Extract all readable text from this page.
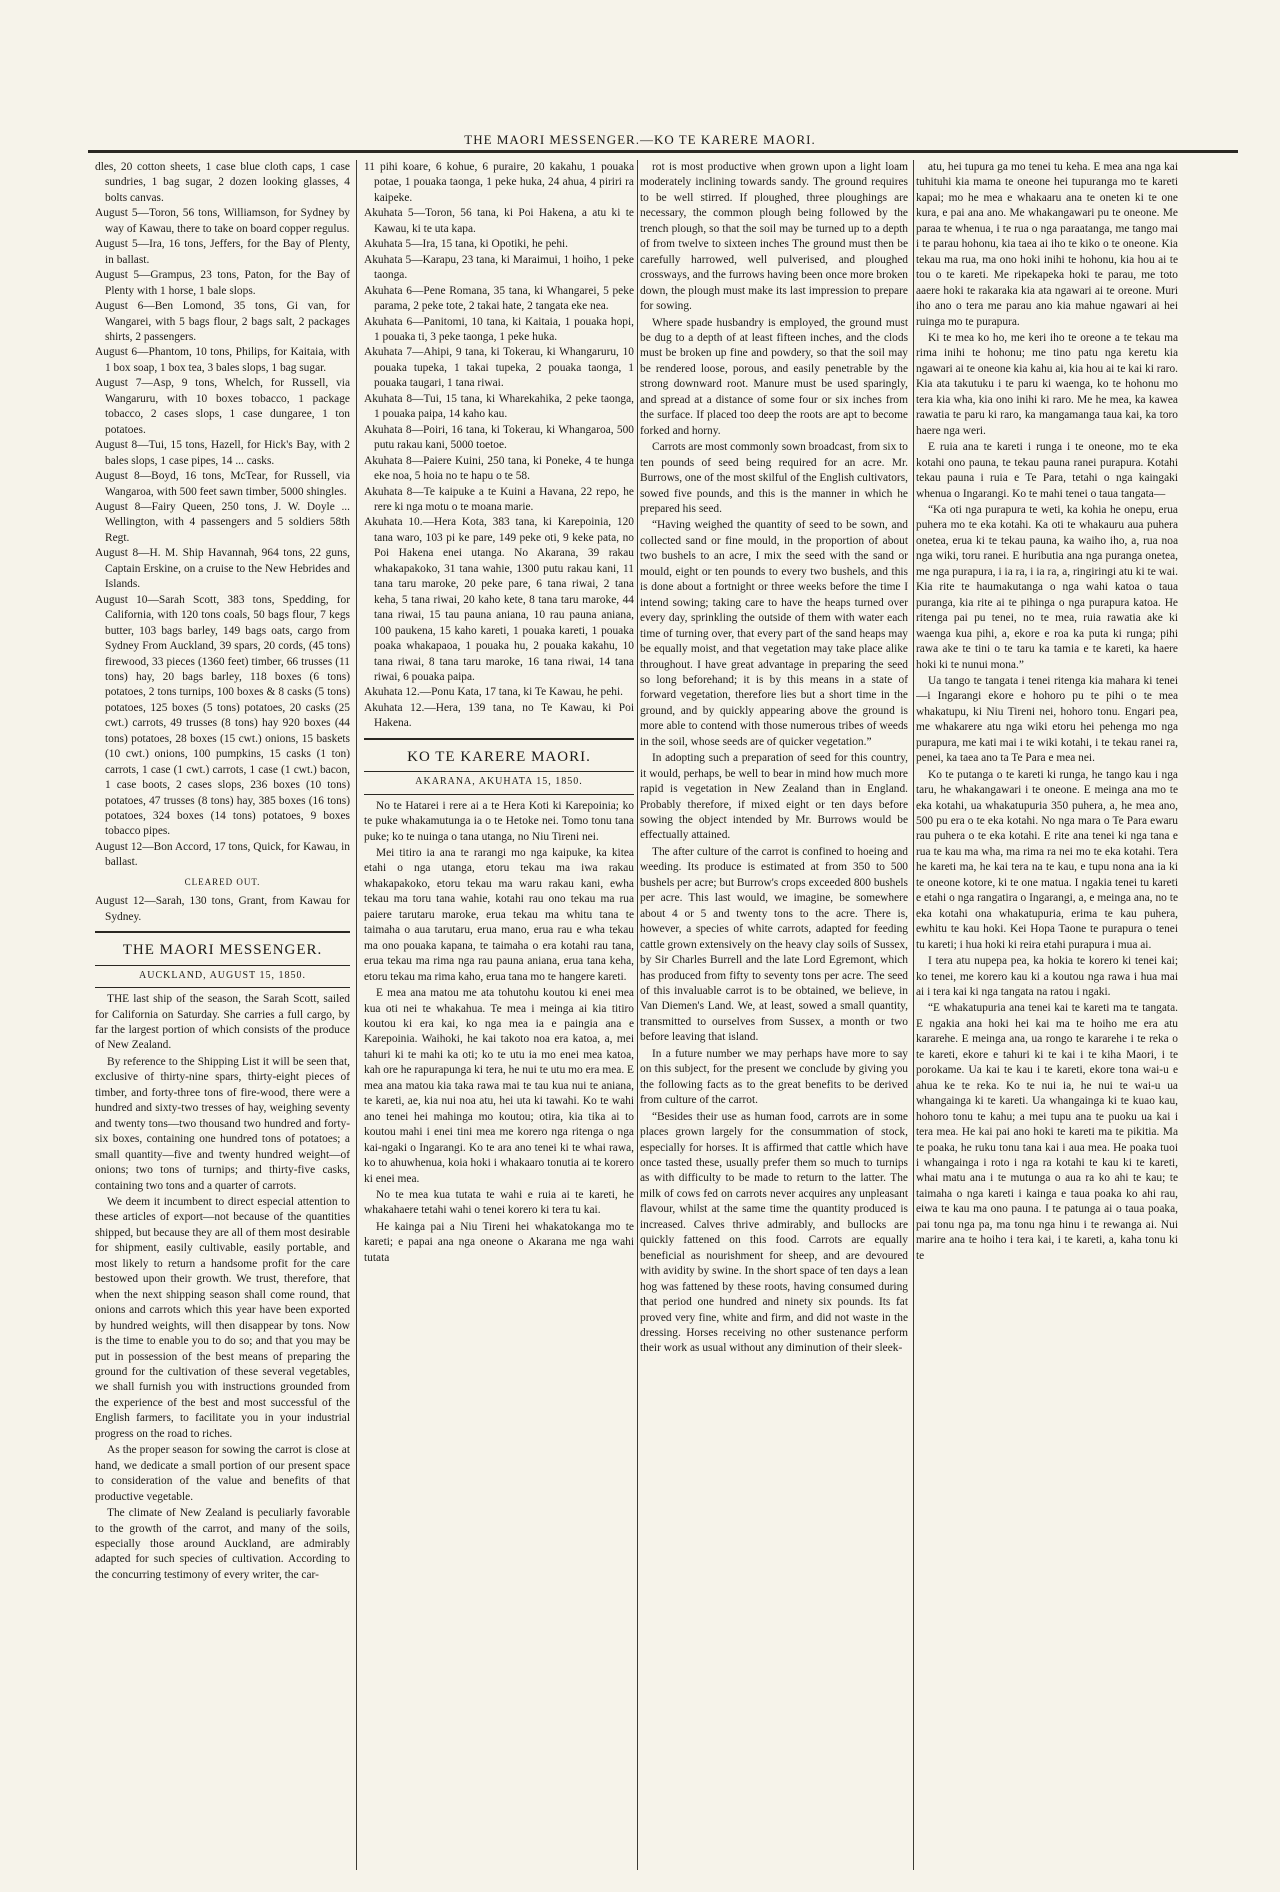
THE MAORI MESSENGER.—KO TE KARERE MAORI.

dles, 20 cotton sheets, 1 case blue cloth caps, 1 case sundries, 1 bag sugar, 2 dozen looking glasses, 4 bolts canvas.

August 5—Toron, 56 tons, Williamson, for Sydney by way of Kawau, there to take on board copper regulus.

August 5—Ira, 16 tons, Jeffers, for the Bay of Plenty, in ballast.

August 5—Grampus, 23 tons, Paton, for the Bay of Plenty with 1 horse, 1 bale slops.

August 6—Ben Lomond, 35 tons, Gi van, for Wangarei, with 5 bags flour, 2 bags salt, 2 packages shirts, 2 passengers.

August 6—Phantom, 10 tons, Philips, for Kaitaia, with 1 box soap, 1 box tea, 3 bales slops, 1 bag sugar.

August 7—Asp, 9 tons, Whelch, for Russell, via Wangaruru, with 10 boxes tobacco, 1 package tobacco, 2 cases slops, 1 case dungaree, 1 ton potatoes.

August 8—Tui, 15 tons, Hazell, for Hick's Bay, with 2 bales slops, 1 case pipes, 14 ... casks.

August 8—Boyd, 16 tons, McTear, for Russell, via Wangaroa, with 500 feet sawn timber, 5000 shingles.

August 8—Fairy Queen, 250 tons, J. W. Doyle ... Wellington, with 4 passengers and 5 soldiers 58th Regt.

August 8—H. M. Ship Havannah, 964 tons, 22 guns, Captain Erskine, on a cruise to the New Hebrides and Islands.

August 10—Sarah Scott, 383 tons, Spedding, for California, with 120 tons coals, 50 bags flour, 7 kegs butter, 103 bags barley, 149 bags oats, cargo from Sydney From Auckland, 39 spars, 20 cords, (45 tons) firewood, 33 pieces (1360 feet) timber, 66 trusses (11 tons) hay, 20 bags barley, 118 boxes (6 tons) potatoes, 2 tons turnips, 100 boxes & 8 casks (5 tons) potatoes, 125 boxes (5 tons) potatoes, 20 casks (25 cwt.) carrots, 49 trusses (8 tons) hay 920 boxes (44 tons) potatoes, 28 boxes (15 cwt.) onions, 15 baskets (10 cwt.) onions, 100 pumpkins, 15 casks (1 ton) carrots, 1 case (1 cwt.) carrots, 1 case (1 cwt.) bacon, 1 case boots, 2 cases slops, 236 boxes (10 tons) potatoes, 47 trusses (8 tons) hay, 385 boxes (16 tons) potatoes, 324 boxes (14 tons) potatoes, 9 boxes tobacco pipes.

August 12—Bon Accord, 17 tons, Quick, for Kawau, in ballast.

CLEARED OUT.

August 12—Sarah, 130 tons, Grant, from Kawau for Sydney.

THE MAORI MESSENGER.
AUCKLAND, AUGUST 15, 1850.

THE last ship of the season, the Sarah Scott, sailed for California on Saturday. She carries a full cargo, by far the largest portion of which consists of the produce of New Zealand.

By reference to the Shipping List it will be seen that, exclusive of thirty-nine spars, thirty-eight pieces of timber, and forty-three tons of fire-wood, there were a hundred and sixty-two tresses of hay, weighing seventy and twenty tons—two thousand two hundred and forty-six boxes, containing one hundred tons of potatoes; a small quantity—five and twenty hundred weight—of onions; two tons of turnips; and thirty-five casks, containing two tons and a quarter of carrots.

We deem it incumbent to direct especial attention to these articles of export—not because of the quantities shipped, but because they are all of them most desirable for shipment, easily cultivable, easily portable, and most likely to return a handsome profit for the care bestowed upon their growth. We trust, therefore, that when the next shipping season shall come round, that onions and carrots which this year have been exported by hundred weights, will then disappear by tons. Now is the time to enable you to do so; and that you may be put in possession of the best means of preparing the ground for the cultivation of these several vegetables, we shall furnish you with instructions grounded from the experience of the best and most successful of the English farmers, to facilitate you in your industrial progress on the road to riches.

As the proper season for sowing the carrot is close at hand, we dedicate a small portion of our present space to consideration of the value and benefits of that productive vegetable.

The climate of New Zealand is peculiarly favorable to the growth of the carrot, and many of the soils, especially those around Auckland, are admirably adapted for such species of cultivation. According to the concurring testimony of every writer, the car-

11 pihi koare, 6 kohue, 6 puraire, 20 kakahu, 1 pouaka potae, 1 pouaka taonga, 1 peke huka, 24 ahua, 4 piriri ra kaipeke.

Akuhata 5—Toron, 56 tana, ki Poi Hakena, a atu ki te Kawau, ki te uta kapa.

Akuhata 5—Ira, 15 tana, ki Opotiki, he pehi.

Akuhata 5—Karapu, 23 tana, ki Maraimui, 1 hoiho, 1 peke taonga.

Akuhata 6—Pene Romana, 35 tana, ki Whangarei, 5 peke parama, 2 peke tote, 2 takai hate, 2 tangata eke nea.

Akuhata 6—Panitomi, 10 tana, ki Kaitaia, 1 pouaka hopi, 1 pouaka ti, 3 peke taonga, 1 peke huka.

Akuhata 7—Ahipi, 9 tana, ki Tokerau, ki Whangaruru, 10 pouaka tupeka, 1 takai tupeka, 2 pouaka taonga, 1 pouaka taugari, 1 tana riwai.

Akuhata 8—Tui, 15 tana, ki Wharekahika, 2 peke taonga, 1 pouaka paipa, 14 kaho kau.

Akuhata 8—Poiri, 16 tana, ki Tokerau, ki Whangaroa, 500 putu rakau kani, 5000 toetoe.

Akuhata 8—Paiere Kuini, 250 tana, ki Poneke, 4 te hunga eke noa, 5 hoia no te hapu o te 58.

Akuhata 8—Te kaipuke a te Kuini a Havana, 22 repo, he rere ki nga motu o te moana marie.

Akuhata 10.—Hera Kota, 383 tana, ki Karepoinia, 120 tana waro, 103 pi ke pare, 149 peke oti, 9 keke pata, no Poi Hakena enei utanga. No Akarana, 39 rakau whakapakoko, 31 tana wahie, 1300 putu rakau kani, 11 tana taru maroke, 20 peke pare, 6 tana riwai, 2 tana keha, 5 tana riwai, 20 kaho kete, 8 tana taru maroke, 44 tana riwai, 15 tau pauna aniana, 10 rau pauna aniana, 100 paukena, 15 kaho kareti, 1 pouaka kareti, 1 pouaka poaka whakapaoa, 1 pouaka hu, 2 pouaka kakahu, 10 tana riwai, 8 tana taru maroke, 16 tana riwai, 14 tana riwai, 6 pouaka paipa.

Akuhata 12.—Ponu Kata, 17 tana, ki Te Kawau, he pehi.

Akuhata 12.—Hera, 139 tana, no Te Kawau, ki Poi Hakena.

KO TE KARERE MAORI.
AKARANA, AKUHATA 15, 1850.

No te Hatarei i rere ai a te Hera Koti ki Karepoinia; ko te puke whakamutunga ia o te Hetoke nei. Tomo tonu tana puke; ko te nuinga o tana utanga, no Niu Tireni nei.

Mei titiro ia ana te rarangi mo nga kaipuke, ka kitea etahi o nga utanga, etoru tekau ma iwa rakau whakapakoko, etoru tekau ma waru rakau kani, ewha tekau ma toru tana wahie, kotahi rau ono tekau ma rua paiere tarutaru maroke, erua tekau ma whitu tana te taimaha o aua tarutaru, erua mano, erua rau e wha tekau ma ono pouaka kapana, te taimaha o era kotahi rau tana, erua tekau ma rima nga rau pauna aniana, erua tana keha, etoru tekau ma rima kaho, erua tana mo te hangere kareti.

E mea ana matou me ata tohutohu koutou ki enei mea kua oti nei te whakahua. Te mea i meinga ai kia titiro koutou ki era kai, ko nga mea ia e paingia ana e Karepoinia. Waihoki, he kai takoto noa era katoa, a, mei tahuri ki te mahi ka oti; ko te utu ia mo enei mea katoa, kah ore he rapurapunga ki tera, he nui te utu mo era mea. E mea ana matou kia taka rawa mai te tau kua nui te aniana, te kareti, ae, kia nui noa atu, hei uta ki tawahi. Ko te wahi ano tenei hei mahinga mo koutou; otira, kia tika ai to koutou mahi i enei tini mea me korero nga ritenga o nga kai-ngaki o Ingarangi. Ko te ara ano tenei ki te whai rawa, ko to ahuwhenua, koia hoki i whakaaro tonutia ai te korero ki enei mea.

No te mea kua tutata te wahi e ruia ai te kareti, he whakahaere tetahi wahi o tenei korero ki tera tu kai.

He kainga pai a Niu Tireni hei whakatokanga mo te kareti; e papai ana nga oneone o Akarana me nga wahi tutata

rot is most productive when grown upon a light loam moderately inclining towards sandy. The ground requires to be well stirred. If ploughed, three ploughings are necessary, the common plough being followed by the trench plough, so that the soil may be turned up to a depth of from twelve to sixteen inches The ground must then be carefully harrowed, well pulverised, and ploughed crossways, and the furrows having been once more broken down, the plough must make its last impression to prepare for sowing.

Where spade husbandry is employed, the ground must be dug to a depth of at least fifteen inches, and the clods must be broken up fine and powdery, so that the soil may be rendered loose, porous, and easily penetrable by the strong downward root. Manure must be used sparingly, and spread at a distance of some four or six inches from the surface. If placed too deep the roots are apt to become forked and horny.

Carrots are most commonly sown broadcast, from six to ten pounds of seed being required for an acre. Mr. Burrows, one of the most skilful of the English cultivators, sowed five pounds, and this is the manner in which he prepared his seed.

“Having weighed the quantity of seed to be sown, and collected sand or fine mould, in the proportion of about two bushels to an acre, I mix the seed with the sand or mould, eight or ten pounds to every two bushels, and this is done about a fortnight or three weeks before the time I intend sowing; taking care to have the heaps turned over every day, sprinkling the outside of them with water each time of turning over, that every part of the sand heaps may be equally moist, and that vegetation may take place alike throughout. I have great advantage in preparing the seed so long beforehand; it is by this means in a state of forward vegetation, therefore lies but a short time in the ground, and by quickly appearing above the ground is more able to contend with those numerous tribes of weeds in the soil, whose seeds are of quicker vegetation.”

In adopting such a preparation of seed for this country, it would, perhaps, be well to bear in mind how much more rapid is vegetation in New Zealand than in England. Probably therefore, if mixed eight or ten days before sowing the object intended by Mr. Burrows would be effectually attained.

The after culture of the carrot is confined to hoeing and weeding. Its produce is estimated at from 350 to 500 bushels per acre; but Burrow's crops exceeded 800 bushels per acre. This last would, we imagine, be somewhere about 4 or 5 and twenty tons to the acre. There is, however, a species of white carrots, adapted for feeding cattle grown extensively on the heavy clay soils of Sussex, by Sir Charles Burrell and the late Lord Egremont, which has produced from fifty to seventy tons per acre. The seed of this invaluable carrot is to be obtained, we believe, in Van Diemen's Land. We, at least, sowed a small quantity, transmitted to ourselves from Sussex, a month or two before leaving that island.

In a future number we may perhaps have more to say on this subject, for the present we conclude by giving you the following facts as to the great benefits to be derived from culture of the carrot.

“Besides their use as human food, carrots are in some places grown largely for the consummation of stock, especially for horses. It is affirmed that cattle which have once tasted these, usually prefer them so much to turnips as with difficulty to be made to return to the latter. The milk of cows fed on carrots never acquires any unpleasant flavour, whilst at the same time the quantity produced is increased. Calves thrive admirably, and bullocks are quickly fattened on this food. Carrots are equally beneficial as nourishment for sheep, and are devoured with avidity by swine. In the short space of ten days a lean hog was fattened by these roots, having consumed during that period one hundred and ninety six pounds. Its fat proved very fine, white and firm, and did not waste in the dressing. Horses receiving no other sustenance perform their work as usual without any diminution of their sleek-

atu, hei tupura ga mo tenei tu keha. E mea ana nga kai tuhituhi kia mama te oneone hei tupuranga mo te kareti kapai; mo he mea e whakaaru ana te oneten ki te one kura, e pai ana ano. Me whakangawari pu te oneone. Me paraa te whenua, i te rua o nga paraatanga, me tango mai i te parau hohonu, kia taea ai iho te kiko o te oneone. Kia tekau ma rua, ma ono hoki inihi te hohonu, kia hou ai te tou o te kareti. Me ripekapeka hoki te parau, me toto aaere hoki te rakaraka kia ata ngawari ai te oreone. Muri iho ano o tera me parau ano kia mahue ngawari ai hei ruinga mo te purapura.

Ki te mea ko ho, me keri iho te oreone a te tekau ma rima inihi te hohonu; me tino patu nga keretu kia ngawari ai te oneone kia kahu ai, kia hou ai te kai ki raro. Kia ata takutuku i te paru ki waenga, ko te hohonu mo tera kia wha, kia ono inihi ki raro. Me he mea, ka kawea rawatia te paru ki raro, ka mangamanga taua kai, ka toro haere nga weri.

E ruia ana te kareti i runga i te oneone, mo te eka kotahi ono pauna, te tekau pauna ranei purapura. Kotahi tekau pauna i ruia e Te Para, tetahi o nga kaingaki whenua o Ingarangi. Ko te mahi tenei o taua tangata—

“Ka oti nga purapura te weti, ka kohia he onepu, erua puhera mo te eka kotahi. Ka oti te whakauru aua puhera onetea, erua ki te tekau pauna, ka waiho iho, a, rua noa nga wiki, toru ranei. E huributia ana nga puranga onetea, me nga purapura, i ia ra, i ia ra, a, ringiringi atu ki te wai. Kia rite te haumakutanga o nga wahi katoa o taua puranga, kia rite ai te pihinga o nga purapura katoa. He ritenga pai pu tenei, no te mea, ruia rawatia ake ki waenga kua pihi, a, ekore e roa ka puta ki runga; pihi rawa ake te tini o te taru ka tamia e te kareti, ka haere hoki ki te nunui mona.”

Ua tango te tangata i tenei ritenga kia mahara ki tenei—i Ingarangi ekore e hohoro pu te pihi o te mea whakatupu, ki Niu Tireni nei, hohoro tonu. Engari pea, me whakarere atu nga wiki etoru hei pehenga mo nga purapura, me kati mai i te wiki kotahi, i te tekau ranei ra, penei, ka taea ano ta Te Para e mea nei.

Ko te putanga o te kareti ki runga, he tango kau i nga taru, he whakangawari i te oneone. E meinga ana mo te eka kotahi, ua whakatupuria 350 puhera, a, he mea ano, 500 pu era o te eka kotahi. No nga mara o Te Para ewaru rau puhera o te eka kotahi. E rite ana tenei ki nga tana e rua te kau ma wha, ma rima ra nei mo te eka kotahi. Tera he kareti ma, he kai tera na te kau, e tupu nona ana ia ki te oneone kotore, ki te one matua. I ngakia tenei tu kareti e etahi o nga rangatira o Ingarangi, a, e meinga ana, no te eka kotahi ona whakatupuria, erima te kau puhera, ewhitu te kau hoki. Kei Hopa Taone te purapura o tenei tu kareti; i hua hoki ki reira etahi purapura i mua ai.

I tera atu nupepa pea, ka hokia te korero ki tenei kai; ko tenei, me korero kau ki a koutou nga rawa i hua mai ai i tera kai ki nga tangata na ratou i ngaki.

“E whakatupuria ana tenei kai te kareti ma te tangata. E ngakia ana hoki hei kai ma te hoiho me era atu kararehe. E meinga ana, ua rongo te kararehe i te reka o te kareti, ekore e tahuri ki te kai i te kiha Maori, i te porokame. Ua kai te kau i te kareti, ekore tona wai-u e ahua ke te reka. Ko te nui ia, he nui te wai-u ua whangainga ki te kareti. Ua whangainga ki te kuao kau, hohoro tonu te kahu; a mei tupu ana te puoku ua kai i tera mea. He kai pai ano hoki te kareti ma te pikitia. Ma te poaka, he ruku tonu tana kai i aua mea. He poaka tuoi i whangainga i roto i nga ra kotahi te kau ki te kareti, whai matu ana i te mutunga o aua ra ko ahi te kau; te taimaha o nga kareti i kainga e taua poaka ko ahi rau, eiwa te kau ma ono pauna. I te patunga ai o taua poaka, pai tonu nga pa, ma tonu nga hinu i te rewanga ai. Nui marire ana te hoiho i tera kai, i te kareti, a, kaha tonu ki te
